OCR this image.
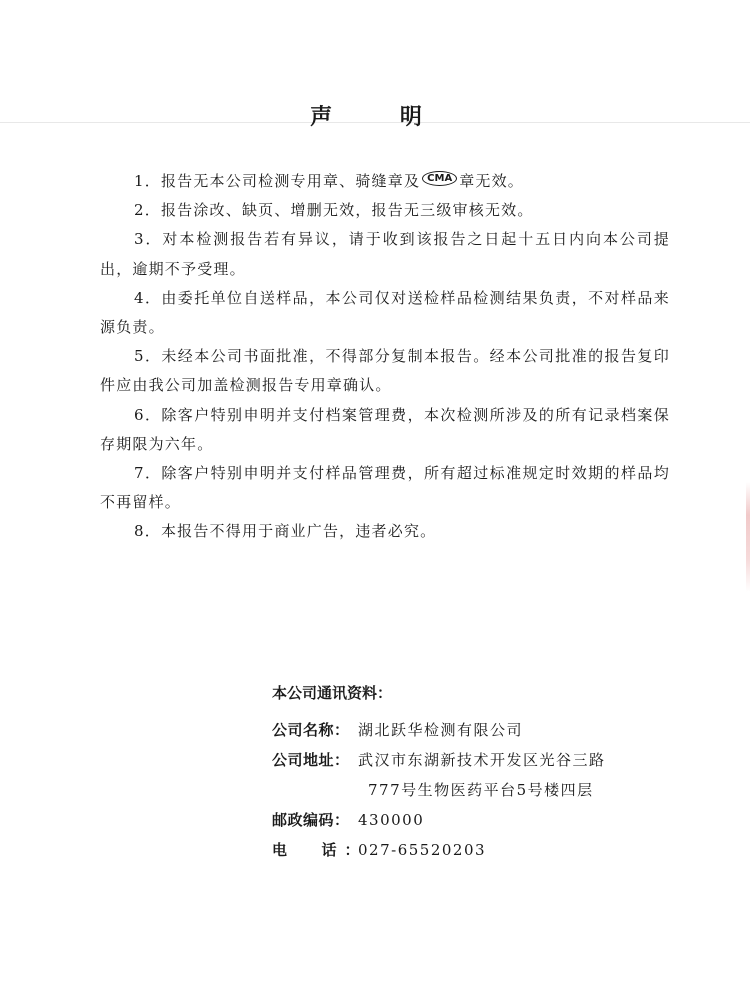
声 明

1．报告无本公司检测专用章、骑缝章及 CMA 章无效。

2．报告涂改、缺页、增删无效，报告无三级审核无效。

3．对本检测报告若有异议，请于收到该报告之日起十五日内向本公司提出，逾期不予受理。

4．由委托单位自送样品，本公司仅对送检样品检测结果负责，不对样品来源负责。

5．未经本公司书面批准，不得部分复制本报告。经本公司批准的报告复印件应由我公司加盖检测报告专用章确认。

6．除客户特别申明并支付档案管理费，本次检测所涉及的所有记录档案保存期限为六年。

7．除客户特别申明并支付样品管理费，所有超过标准规定时效期的样品均不再留样。

8．本报告不得用于商业广告，违者必究。

本公司通讯资料：
公司名称： 湖北跃华检测有限公司
公司地址： 武汉市东湖新技术开发区光谷三路
777号生物医药平台5号楼四层
邮政编码： 430000
电  话：
027-65520203
